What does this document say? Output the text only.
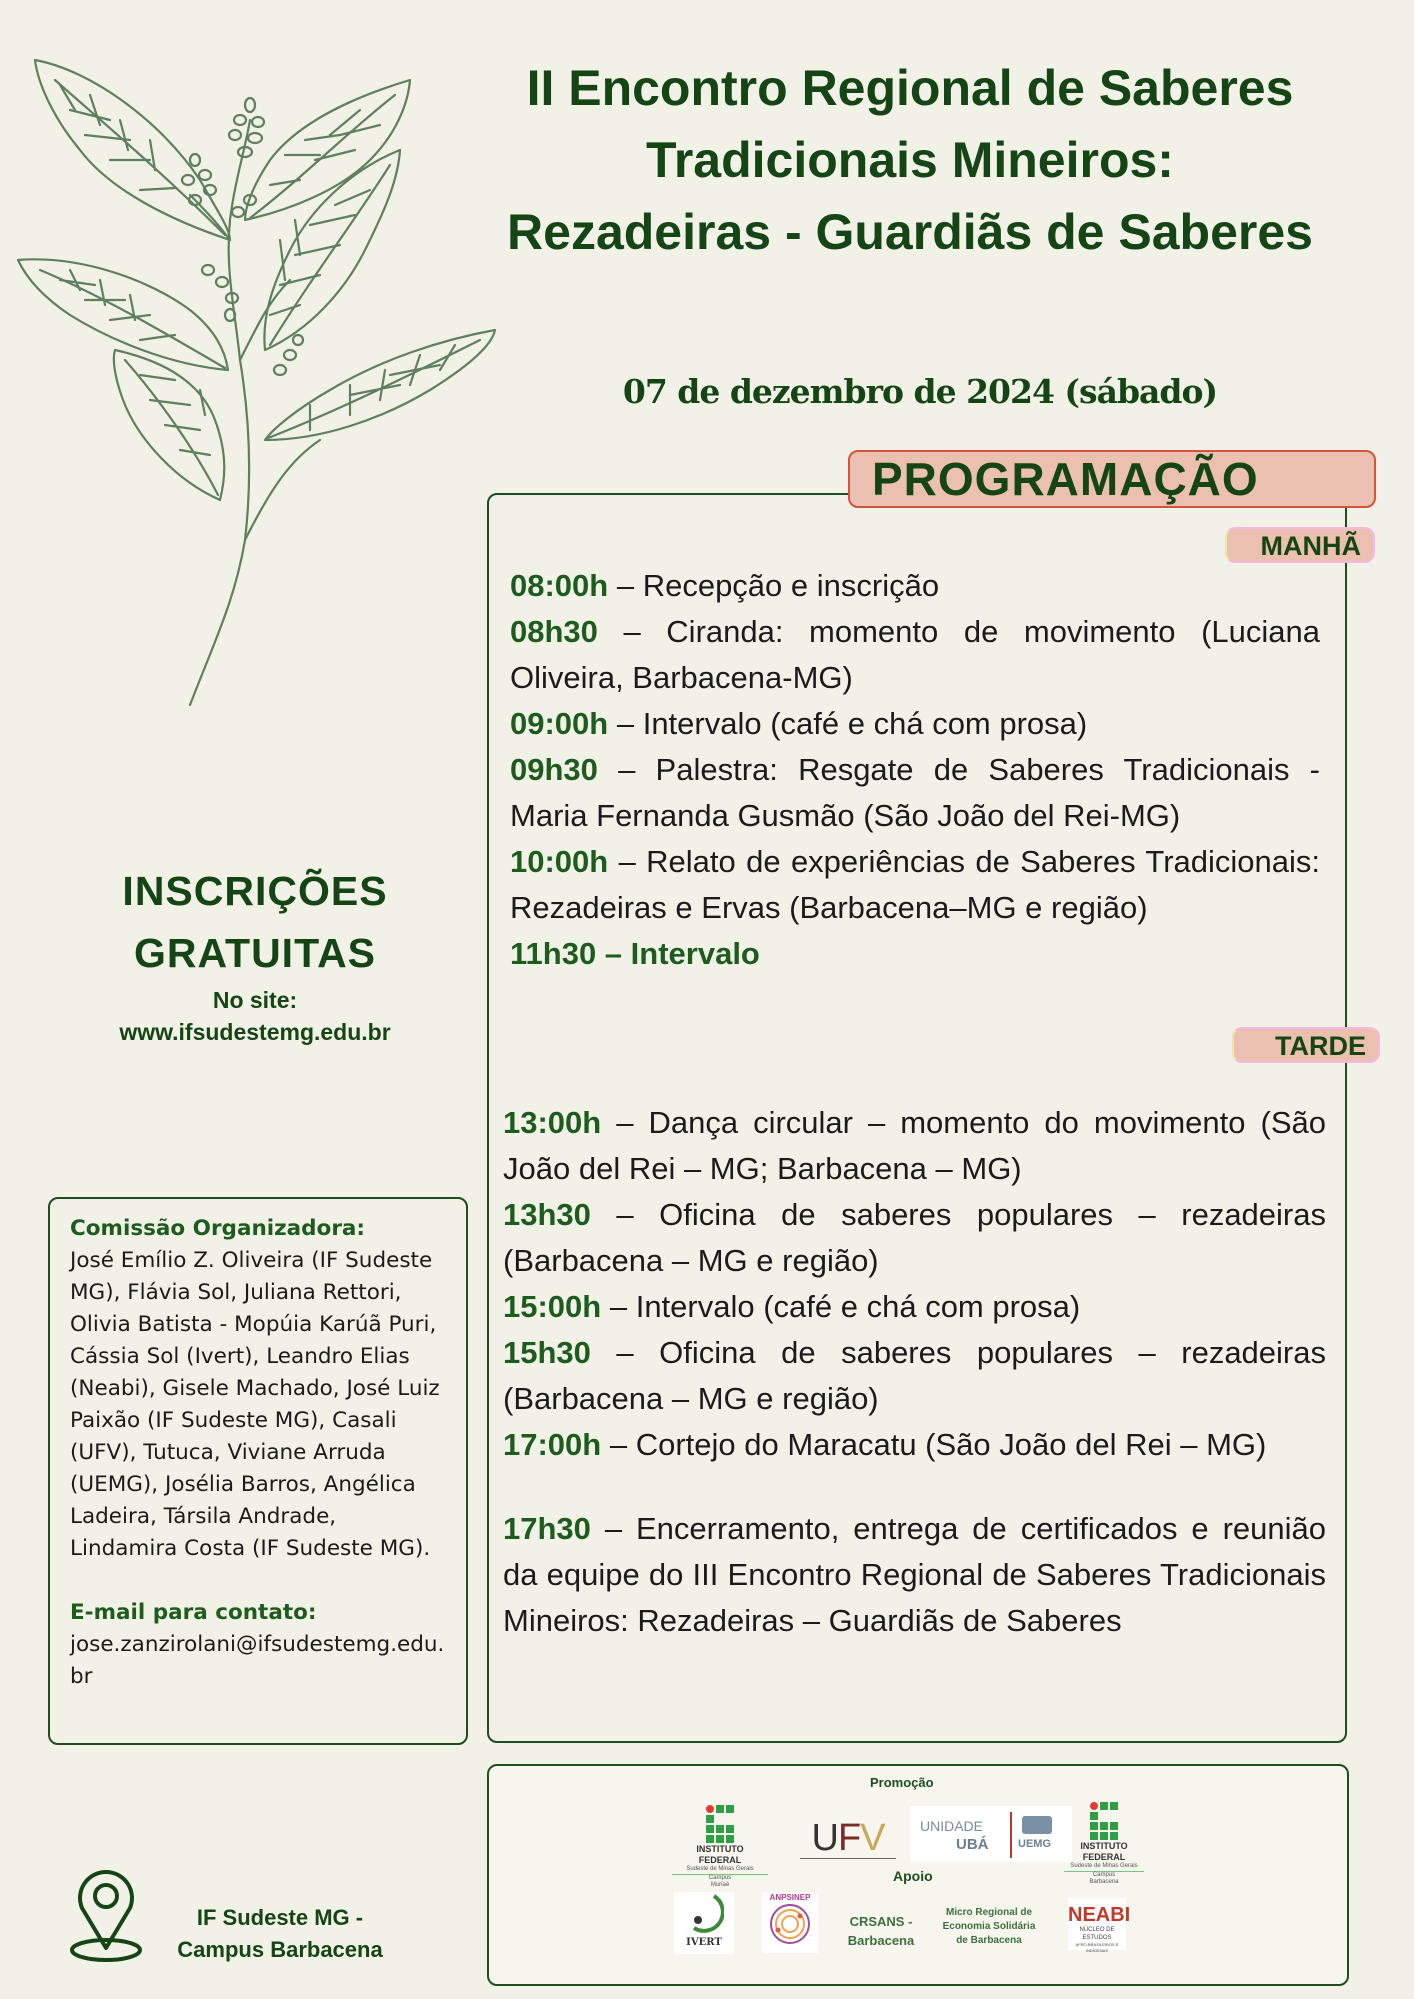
II Encontro Regional de Saberes
Tradicionais Mineiros:
Rezadeiras - Guardiãs de Saberes
07 de dezembro de 2024 (sábado)
PROGRAMAÇÃO
MANHÃ

08:00h – Recepção e inscrição

08h30 – Ciranda: momento de movimento (Luciana Oliveira, Barbacena-MG)

09:00h – Intervalo (café e chá com prosa)

09h30 – Palestra: Resgate de Saberes Tradicionais - Maria Fernanda Gusmão (São João del Rei-MG)

10:00h – Relato de experiências de Saberes Tradicionais: Rezadeiras e Ervas (Barbacena–MG e região)

11h30 – Intervalo

TARDE

13:00h – Dança circular – momento do movimento (São João del Rei – MG; Barbacena – MG)

13h30 – Oficina de saberes populares – rezadeiras (Barbacena – MG e região)

15:00h – Intervalo (café e chá com prosa)

15h30 – Oficina de saberes populares – rezadeiras (Barbacena – MG e região)

17:00h – Cortejo do Maracatu (São João del Rei – MG)

17h30 – Encerramento, entrega de certificados e reunião da equipe do III Encontro Regional de Saberes Tradicionais Mineiros: Rezadeiras – Guardiãs de Saberes

INSCRIÇÕES
GRATUITAS
No site:
www.ifsudestemg.edu.br
Comissão Organizadora:
José Emílio Z. Oliveira (IF Sudeste MG), Flávia Sol, Juliana Rettori, Olivia Batista - Mopúia Karúã Puri, Cássia Sol (Ivert), Leandro Elias (Neabi), Gisele Machado, José Luiz Paixão (IF Sudeste MG), Casali (UFV), Tutuca, Viviane Arruda (UEMG), Josélia Barros, Angélica Ladeira, Társila Andrade, Lindamira Costa (IF Sudeste MG).
E-mail para contato:
jose.zanzirolani@ifsudestemg.edu.br
IF Sudeste MG -
Campus Barbacena
Promoção
INSTITUTO
FEDERAL
Sudeste de Minas Gerais
Campus
Muriaé
UFV	UNIDADE
UBÁ	UEMG	INSTITUTO
FEDERAL
Sudeste de Minas Gerais
Campus
Barbacena
Apoio
IVERT
ANPSINEP
CRSANS -
Barbacena
Micro Regional de
Economia Solidária
de Barbacena
NEABI
NÚCLEO DE ESTUDOS
AFRO-BRASILEIROS E INDÍGENAS
